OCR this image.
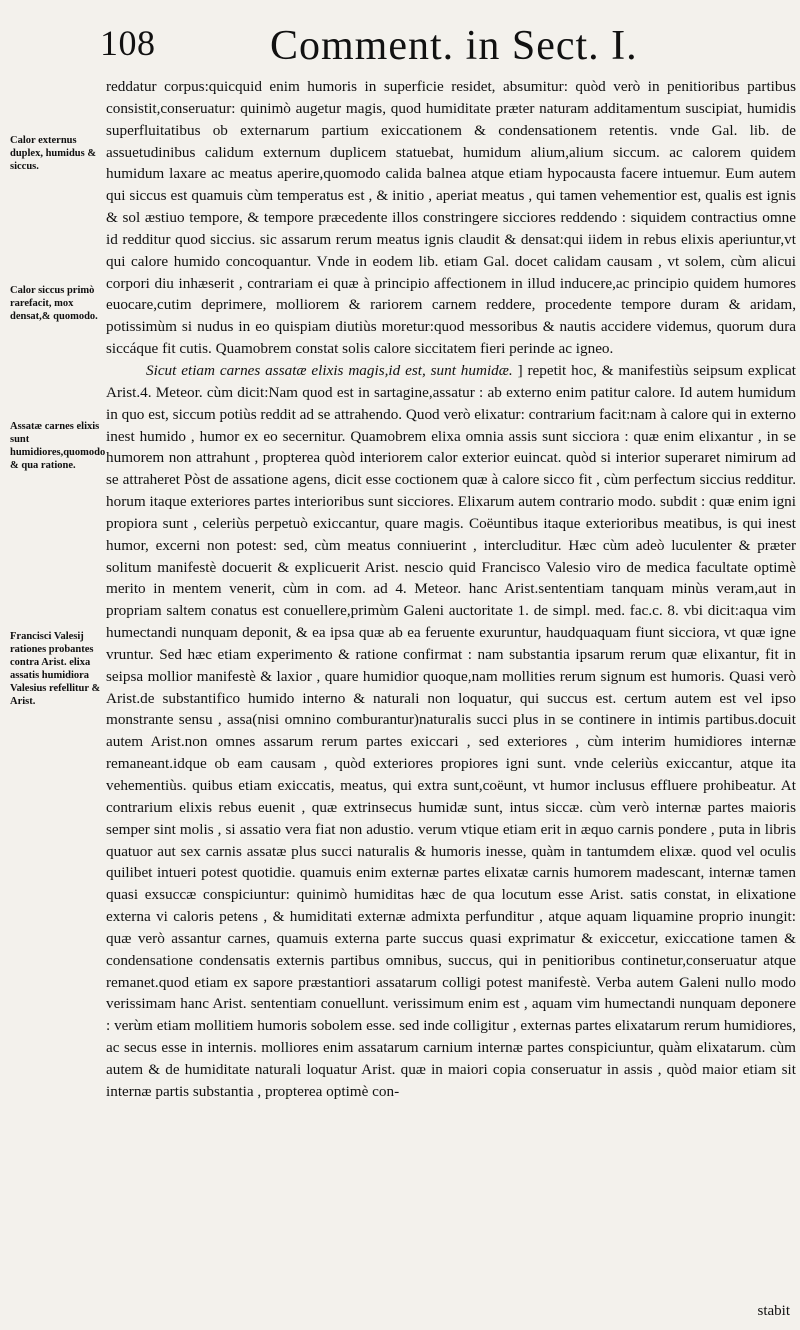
108	Comment. in Sect. I.
Calor externus duplex, humidus & siccus.
Calor siccus primò rarefacit, mox densat,& quomodo.
Assatæ carnes elixis sunt humidiores,quomodo & qua ratione.
Francisci Valesij rationes probantes contra Arist. elixa assatis humidiora Valesius refellitur & Arist.

reddatur corpus:quicquid enim humoris in superficie residet, absumitur: quòd verò in penitioribus partibus consistit,conseruatur: quinimò augetur magis, quod humiditate præter naturam additamentum suscipiat, humidis superfluitatibus ob externarum partium exiccationem & condensationem retentis. vnde Gal. lib. de assuetudinibus calidum externum duplicem statuebat, humidum alium,alium siccum. ac calorem quidem humidum laxare ac meatus aperire,quomodo calida balnea atque etiam hypocausta facere intuemur. Eum autem qui siccus est quamuis cùm temperatus est , & initio , aperiat meatus , qui tamen vehementior est, qualis est ignis & sol æstiuo tempore, & tempore præcedente illos constringere sicciores reddendo : siquidem contractius omne id redditur quod siccius. sic assarum rerum meatus ignis claudit & densat:qui iidem in rebus elixis aperiuntur,vt qui calore humido concoquantur. Vnde in eodem lib. etiam Gal. docet calidam causam , vt solem, cùm alicui corpori diu inhæserit , contrariam ei quæ à principio affectionem in illud inducere,ac principio quidem humores euocare,cutim deprimere, molliorem & rariorem carnem reddere, procedente tempore duram & aridam, potissimùm si nudus in eo quispiam diutiùs moretur:quod messoribus & nautis accidere videmus, quorum dura siccáque fit cutis. Quamobrem constat solis calore siccitatem fieri perinde ac igneo.

Sicut etiam carnes assatæ elixis magis,id est, sunt humidæ. ] repetit hoc, & manifestiùs seipsum explicat Arist.4. Meteor. cùm dicit:Nam quod est in sartagine,assatur : ab externo enim patitur calore. Id autem humidum in quo est, siccum potiùs reddit ad se attrahendo. Quod verò elixatur: contrarium facit:nam à calore qui in externo inest humido , humor ex eo secernitur. Quamobrem elixa omnia assis sunt sicciora : quæ enim elixantur , in se humorem non attrahunt , propterea quòd interiorem calor exterior euincat. quòd si interior superaret nimirum ad se attraheret Pòst de assatione agens, dicit esse coctionem quæ à calore sicco fit , cùm perfectum siccius redditur. horum itaque exteriores partes interioribus sunt sicciores. Elixarum autem contrario modo. subdit : quæ enim igni propiora sunt , celeriùs perpetuò exiccantur, quare magis. Coëuntibus itaque exterioribus meatibus, is qui inest humor, excerni non potest: sed, cùm meatus conniuerint , intercluditur. Hæc cùm adeò luculenter & præter solitum manifestè docuerit & explicuerit Arist. nescio quid Francisco Valesio viro de medica facultate optimè merito in mentem venerit, cùm in com. ad 4. Meteor. hanc Arist.sententiam tanquam minùs veram,aut in propriam saltem conatus est conuellere,primùm Galeni auctoritate 1. de simpl. med. fac.c. 8. vbi dicit:aqua vim humectandi nunquam deponit, & ea ipsa quæ ab ea feruente exuruntur, haudquaquam fiunt sicciora, vt quæ igne vruntur. Sed hæc etiam experimento & ratione confirmat : nam substantia ipsarum rerum quæ elixantur, fit in seipsa mollior manifestè & laxior , quare humidior quoque,nam mollities rerum signum est humoris. Quasi verò Arist.de substantifico humido interno & naturali non loquatur, qui succus est. certum autem est vel ipso monstrante sensu , assa(nisi omnino comburantur)naturalis succi plus in se continere in intimis partibus.docuit autem Arist.non omnes assarum rerum partes exiccari , sed exteriores , cùm interim humidiores internæ remaneant.idque ob eam causam , quòd exteriores propiores igni sunt. vnde celeriùs exiccantur, atque ita vehementiùs. quibus etiam exiccatis, meatus, qui extra sunt,coëunt, vt humor inclusus effluere prohibeatur. At contrarium elixis rebus euenit , quæ extrinsecus humidæ sunt, intus siccæ. cùm verò internæ partes maioris semper sint molis , si assatio vera fiat non adustio. verum vtique etiam erit in æquo carnis pondere , puta in libris quatuor aut sex carnis assatæ plus succi naturalis & humoris inesse, quàm in tantumdem elixæ. quod vel oculis quilibet intueri potest quotidie. quamuis enim externæ partes elixatæ carnis humorem madescant, internæ tamen quasi exsuccæ conspiciuntur: quinimò humiditas hæc de qua locutum esse Arist. satis constat, in elixatione externa vi caloris petens , & humiditati externæ admixta perfunditur , atque aquam liquamine proprio inungit: quæ verò assantur carnes, quamuis externa parte succus quasi exprimatur & exiccetur, exiccatione tamen & condensatione condensatis externis partibus omnibus, succus, qui in penitioribus continetur,conseruatur atque remanet.quod etiam ex sapore præstantiori assatarum colligi potest manifestè. Verba autem Galeni nullo modo verissimam hanc Arist. sententiam conuellunt. verissimum enim est , aquam vim humectandi nunquam deponere : verùm etiam mollitiem humoris sobolem esse. sed inde colligitur , externas partes elixatarum rerum humidiores, ac secus esse in internis. molliores enim assatarum carnium internæ partes conspiciuntur, quàm elixatarum. cùm autem & de humiditate naturali loquatur Arist. quæ in maiori copia conseruatur in assis , quòd maior etiam sit internæ partis substantia , propterea optimè con-

stabit
